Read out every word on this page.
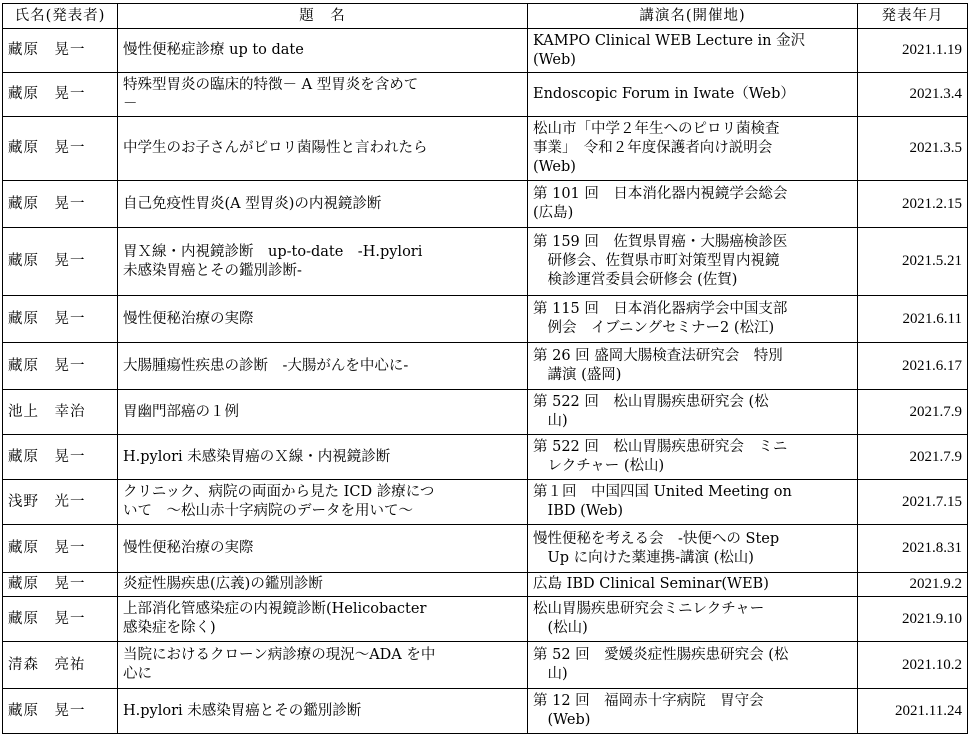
氏名(発表者)	題　名	講演名(開催地)	発表年月

藏原　晃一	慢性便秘症診療 up to date	KAMPO Clinical WEB Lecture in 金沢
(Web)	2021.1.19

藏原　晃一	特殊型胃炎の臨床的特徴－ A 型胃炎を含めて
－	Endoscopic Forum in Iwate（Web）	2021.3.4

藏原　晃一	中学生のお子さんがピロリ菌陽性と言われたら	松山市「中学２年生へのピロリ菌検査
事業」　令和２年度保護者向け説明会
(Web)	2021.3.5

藏原　晃一	自己免疫性胃炎(A 型胃炎)の内視鏡診断	第 101 回　日本消化器内視鏡学会総会
(広島)	2021.2.15

藏原　晃一	胃Ｘ線・内視鏡診断　up-to-date　-H.pylori
未感染胃癌とその鑑別診断-	第 159 回　佐賀県胃癌・大腸癌検診医
　研修会、佐賀県市町対策型胃内視鏡
　検診運営委員会研修会 (佐賀)	2021.5.21

藏原　晃一	慢性便秘治療の実際	第 115 回　日本消化器病学会中国支部
　例会　イブニングセミナー2 (松江)	2021.6.11

藏原　晃一	大腸腫瘍性疾患の診断　-大腸がんを中心に-	第 26 回 盛岡大腸検査法研究会　特別
　講演 (盛岡)	2021.6.17

池上　幸治	胃幽門部癌の１例	第 522 回　松山胃腸疾患研究会 (松
　山)	2021.7.9

藏原　晃一	H.pylori 未感染胃癌のＸ線・内視鏡診断	第 522 回　松山胃腸疾患研究会　ミニ
　レクチャー (松山)	2021.7.9

浅野　光一	クリニック、病院の両面から見た ICD 診療につ
いて　～松山赤十字病院のデータを用いて～	第１回　中国四国 United Meeting on
　IBD (Web)	2021.7.15

藏原　晃一	慢性便秘治療の実際	慢性便秘を考える会　-快便への Step
　Up に向けた薬連携-講演 (松山)	2021.8.31

藏原　晃一	炎症性腸疾患(広義)の鑑別診断	広島 IBD Clinical Seminar(WEB)	2021.9.2

藏原　晃一	上部消化管感染症の内視鏡診断(Helicobacter
感染症を除く)	松山胃腸疾患研究会ミニレクチャー
　(松山)	2021.9.10

清森　亮祐	当院におけるクローン病診療の現況～ADA を中
心に	第 52 回　愛媛炎症性腸疾患研究会 (松
　山)	2021.10.2

藏原　晃一	H.pylori 未感染胃癌とその鑑別診断	第 12 回　福岡赤十字病院　胃守会
　(Web)	2021.11.24
